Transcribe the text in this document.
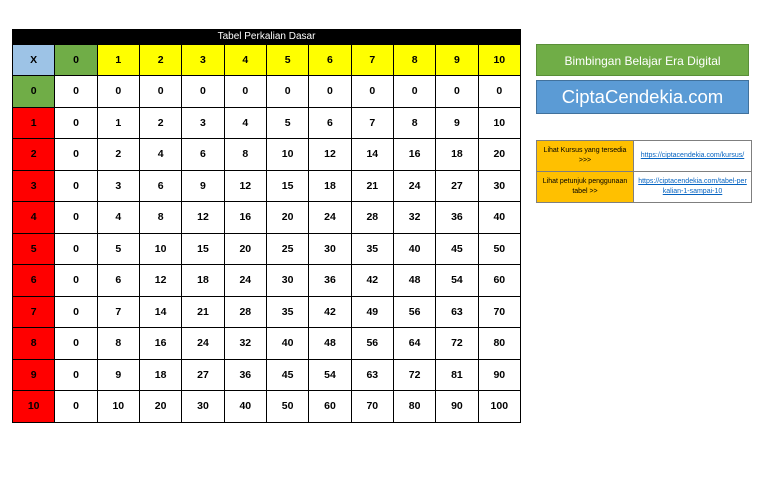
Tabel Perkalian Dasar
X	0	1	2	3	4	5	6	7	8	9	10
0	0	0	0	0	0	0	0	0	0	0	0
1	0	1	2	3	4	5	6	7	8	9	10
2	0	2	4	6	8	10	12	14	16	18	20
3	0	3	6	9	12	15	18	21	24	27	30
4	0	4	8	12	16	20	24	28	32	36	40
5	0	5	10	15	20	25	30	35	40	45	50
6	0	6	12	18	24	30	36	42	48	54	60
7	0	7	14	21	28	35	42	49	56	63	70
8	0	8	16	24	32	40	48	56	64	72	80
9	0	9	18	27	36	45	54	63	72	81	90
10	0	10	20	30	40	50	60	70	80	90	100
Bimbingan Belajar Era Digital
CiptaCendekia.com
Lihat Kursus yang tersedia >>>	https://ciptacendekia.com/kursus/
Lihat petunjuk penggunaan tabel >>	https://ciptacendekia.com/tabel-perkalian-1-sampai-10
